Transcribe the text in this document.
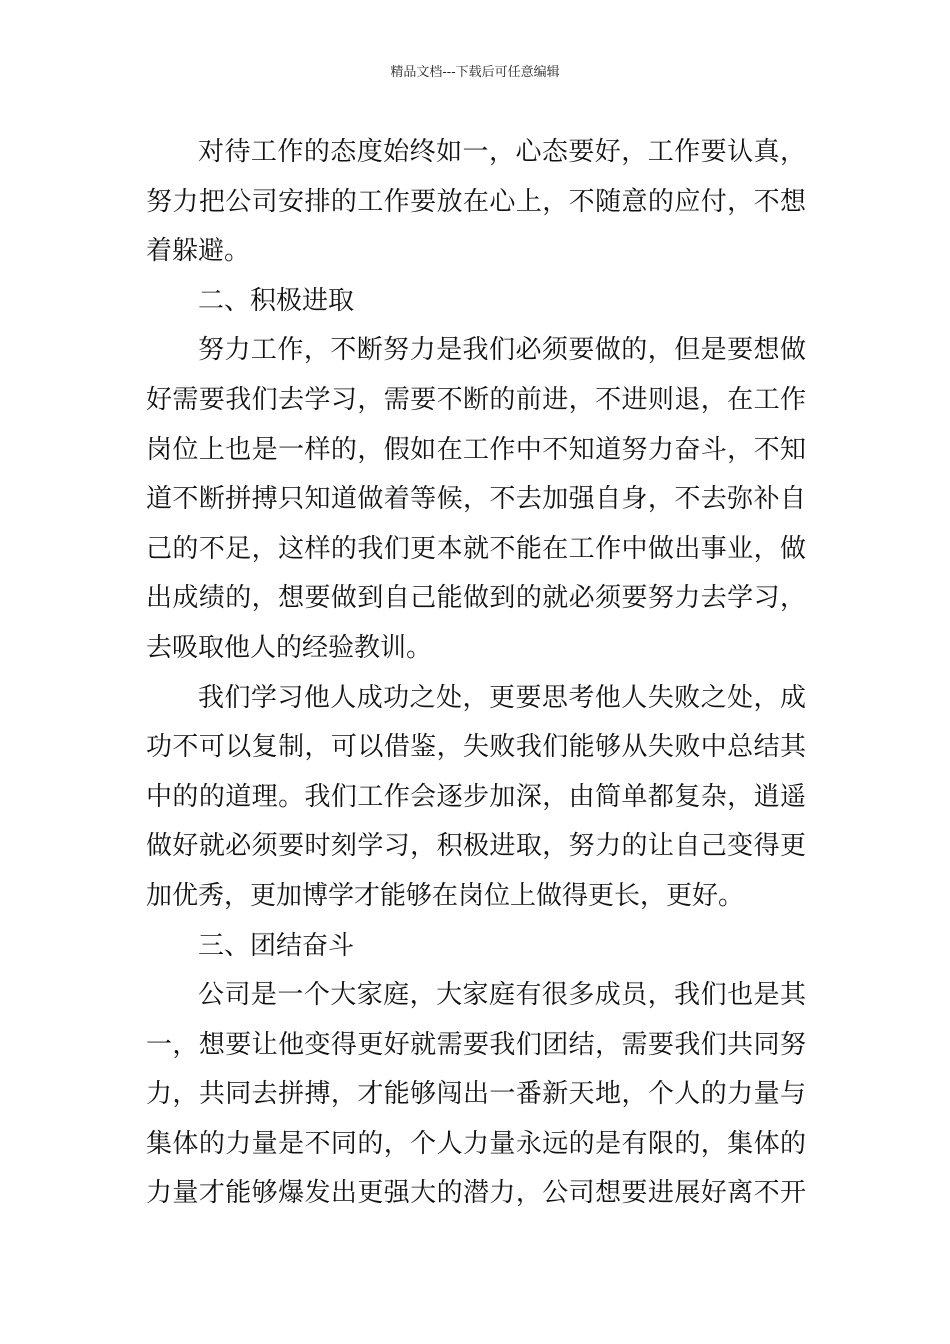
精品文档---下载后可任意编辑
对待工作的态度始终如一，心态要好，工作要认真，
努力把公司安排的工作要放在心上，不随意的应付，不想
着躲避。
二、积极进取
努力工作，不断努力是我们必须要做的，但是要想做
好需要我们去学习，需要不断的前进，不进则退，在工作
岗位上也是一样的，假如在工作中不知道努力奋斗，不知
道不断拼搏只知道做着等候，不去加强自身，不去弥补自
己的不足，这样的我们更本就不能在工作中做出事业，做
出成绩的，想要做到自己能做到的就必须要努力去学习，
去吸取他人的经验教训。
我们学习他人成功之处，更要思考他人失败之处，成
功不可以复制，可以借鉴，失败我们能够从失败中总结其
中的的道理。我们工作会逐步加深，由简单都复杂，逍遥
做好就必须要时刻学习，积极进取，努力的让自己变得更
加优秀，更加博学才能够在岗位上做得更长，更好。
三、团结奋斗
公司是一个大家庭，大家庭有很多成员，我们也是其
一，想要让他变得更好就需要我们团结，需要我们共同努
力，共同去拼搏，才能够闯出一番新天地，个人的力量与
集体的力量是不同的，个人力量永远的是有限的，集体的
力量才能够爆发出更强大的潜力，公司想要进展好离不开
